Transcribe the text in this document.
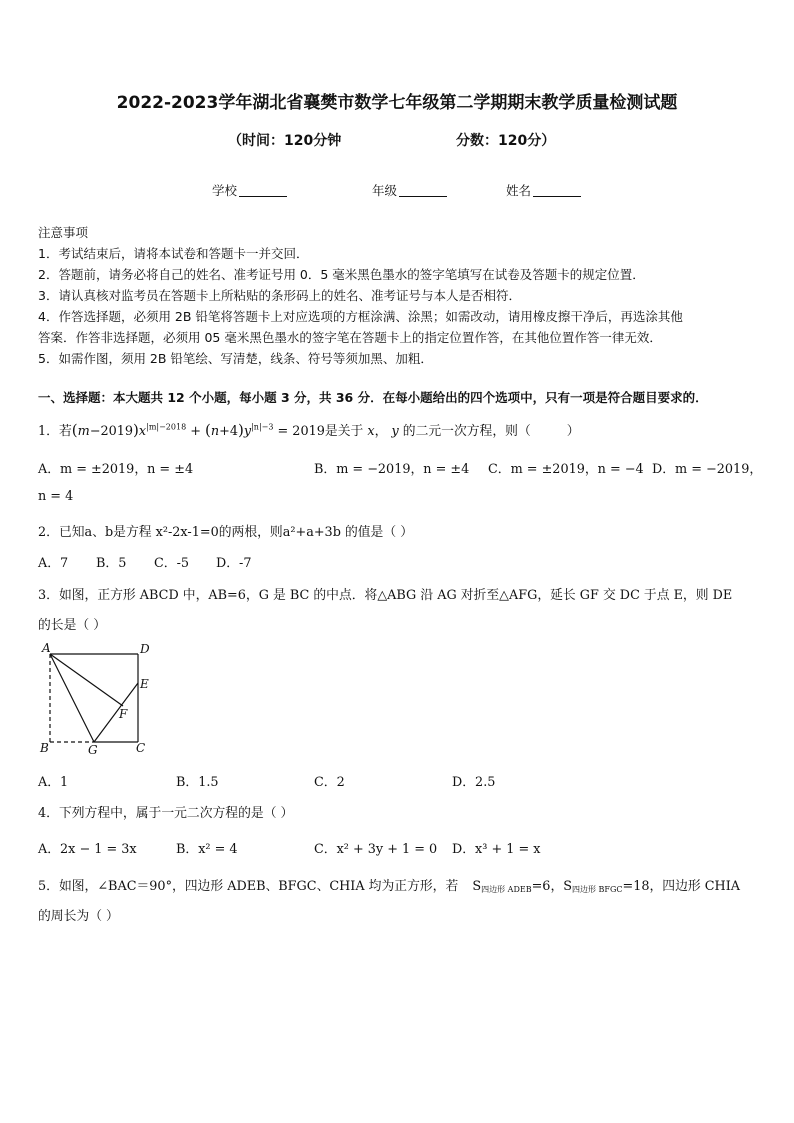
2022-2023学年湖北省襄樊市数学七年级第二学期期末教学质量检测试题
（时间：120分钟	分数：120分）
学校	年级	姓名

注意事项

1．考试结束后，请将本试卷和答题卡一并交回．

2．答题前，请务必将自己的姓名、准考证号用 0．5 毫米黑色墨水的签字笔填写在试卷及答题卡的规定位置．

3．请认真核对监考员在答题卡上所粘贴的条形码上的姓名、准考证号与本人是否相符．

4．作答选择题，必须用 2B 铅笔将答题卡上对应选项的方框涂满、涂黑；如需改动，请用橡皮擦干净后，再选涂其他

答案．作答非选择题，必须用 05 毫米黑色墨水的签字笔在答题卡上的指定位置作答，在其他位置作答一律无效．

5．如需作图，须用 2B 铅笔绘、写清楚，线条、符号等须加黑、加粗．

一、选择题：本大题共 12 个小题，每小题 3 分，共 36 分．在每小题给出的四个选项中，只有一项是符合题目要求的．
1．若$(m-2019)x^{|m|-2018} + (n+4)y^{|n|-3} = 2019$是关于 x， y 的二元一次方程，则（	）
A．m = ±2019，n = ±4	B．m = −2019，n = ±4 C．m = ±2019，n = −4 D．m = −2019，
n = 4
2．已知a、b是方程 x²-2x-1=0的两根，则a²+a+3b 的值是（ ）
A．7 B．5 C．-5 D．-7
3．如图，正方形 ABCD 中，AB=6，G 是 BC 的中点．将△ABG 沿 AG 对折至△AFG，延长 GF 交 DC 于点 E，则 DE
的长是（ ）
A	D
E
F
B	G	C
A．1	B．1.5	C．2	D．2.5
4．下列方程中，属于一元二次方程的是（ ）
A．2x − 1 = 3x	B．x² = 4	C．x² + 3y + 1 = 0 D．x³ + 1 = x
5．如图，∠BAC＝90°，四边形 ADEB、BFGC、CHIA 均为正方形，若 S四边形 ADEB=6，S四边形 BFGC=18，四边形 CHIA
的周长为（ ）
